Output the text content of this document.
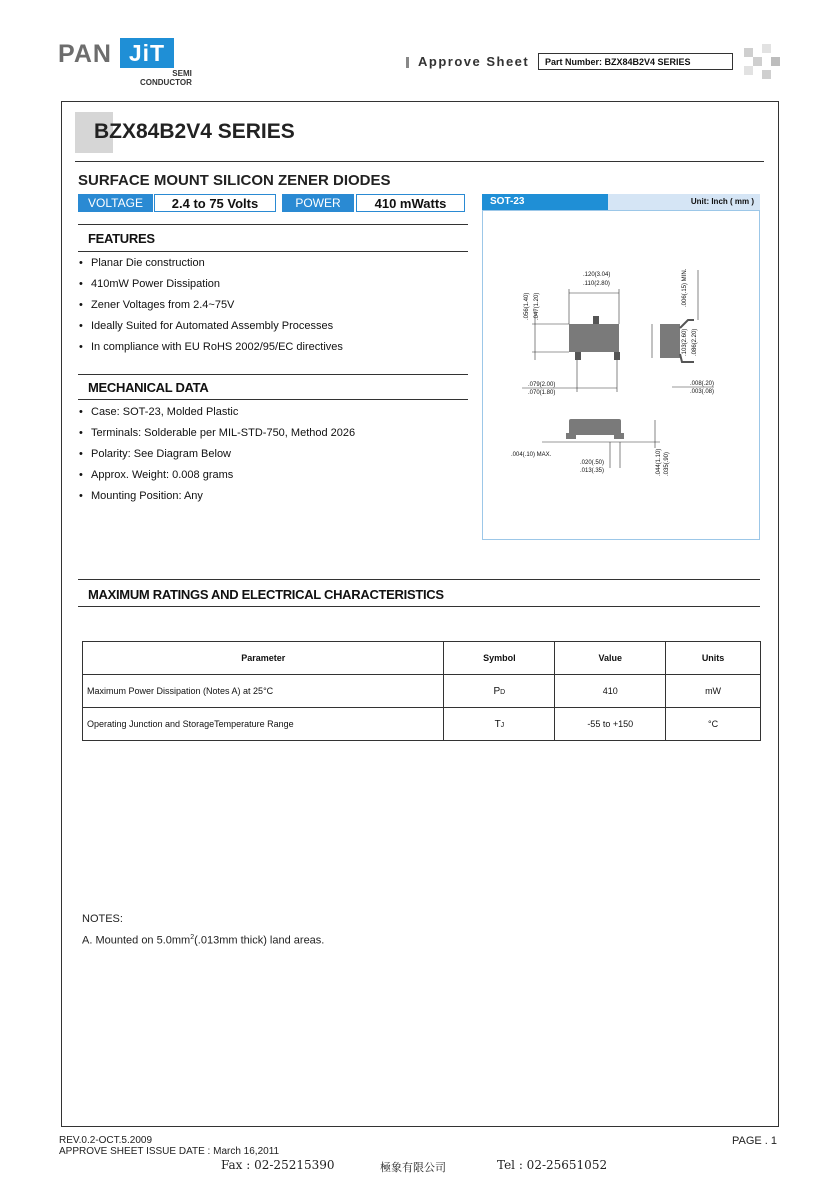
PAN JiT
SEMI
CONDUCTOR
Approve Sheet	Part Number: BZX84B2V4 SERIES
BZX84B2V4 SERIES
SURFACE MOUNT SILICON ZENER DIODES
VOLTAGE	2.4 to 75 Volts	POWER	410 mWatts
FEATURES
• Planar Die construction
• 410mW Power Dissipation
• Zener Voltages from 2.4~75V
• Ideally Suited for Automated Assembly Processes
• In compliance with EU RoHS 2002/95/EC directives
MECHANICAL DATA
• Case: SOT-23, Molded Plastic
• Terminals: Solderable per MIL-STD-750, Method 2026
• Polarity: See Diagram Below
• Approx. Weight: 0.008 grams
• Mounting Position: Any
SOT-23	Unit: Inch ( mm )
.120(3.04)
.110(2.80)
.056(1.40) .047(1.20)
.079(2.00)
.070(1.80)
.006(.15) MIN.
.103(2.60) .086(2.20)
.008(.20)
.003(.08)
.004(.10) MAX.
.020(.50)
.013(.35)	.044(1.10) .035(.90)
MAXIMUM RATINGS AND ELECTRICAL CHARACTERISTICS
Parameter	Symbol	Value	Units
Maximum Power Dissipation (Notes A) at 25°C	PD	410	mW
Operating Junction and StorageTemperature Range	TJ	-55 to +150	°C
NOTES:
A. Mounted on $5.0mm^2(.013mm$ thick) land areas.
REV.0.2-OCT.5.2009
APPROVE SHEET ISSUE DATE : March 16,2011
PAGE . 1
Fax : 02-25215390	極象有限公司	Tel : 02-25651052
